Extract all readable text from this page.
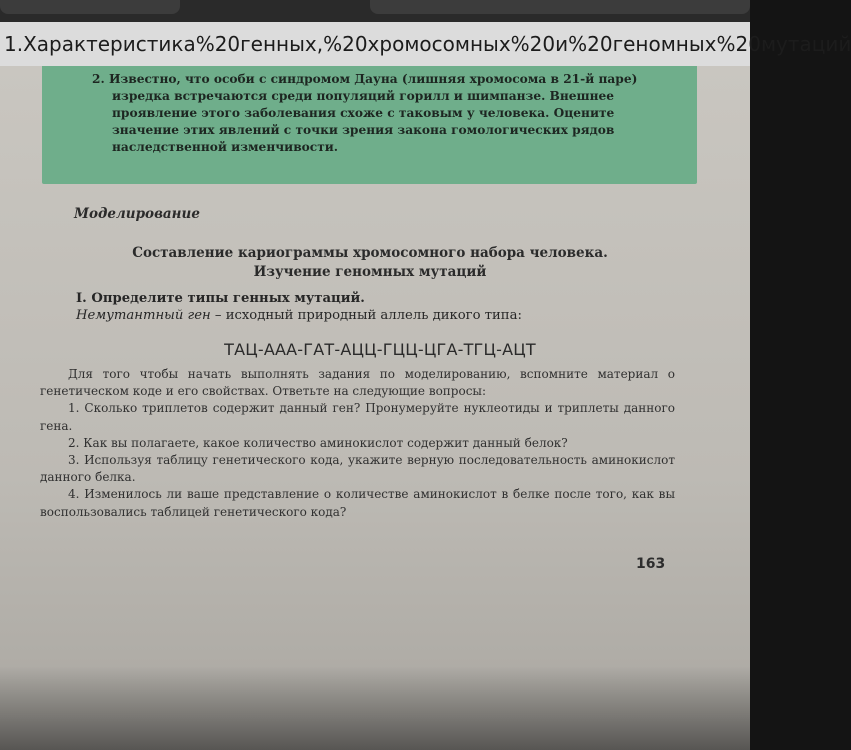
1.Характеристика%20генных,%20хромосомных%20и%20геномных%20мутаций
2. Известно, что особи с синдромом Дауна (лишняя хромосома в 21-й паре) изредка встречаются среди популяций горилл и шимпанзе. Внешнее проявление этого заболевания схоже с таковым у человека. Оцените значение этих явлений с точки зрения закона гомологических рядов наследственной изменчивости.
Моделирование
Составление кариограммы хромосомного набора человека.
Изучение геномных мутаций
I. Определите типы генных мутаций.
Немутантный ген – исходный природный аллель дикого типа:
ТАЦ-ААА-ГАТ-АЦЦ-ГЦЦ-ЦГА-ТГЦ-АЦТ

Для того чтобы начать выполнять задания по моделированию, вспомните материал о генетическом коде и его свойствах. Ответьте на следующие вопросы:

1. Сколько триплетов содержит данный ген? Пронумеруйте нуклеотиды и триплеты данного гена.

2. Как вы полагаете, какое количество аминокислот содержит данный белок?

3. Используя таблицу генетического кода, укажите верную последовательность аминокислот данного белка.

4. Изменилось ли ваше представление о количестве аминокислот в белке после того, как вы воспользовались таблицей генетического кода?

163
